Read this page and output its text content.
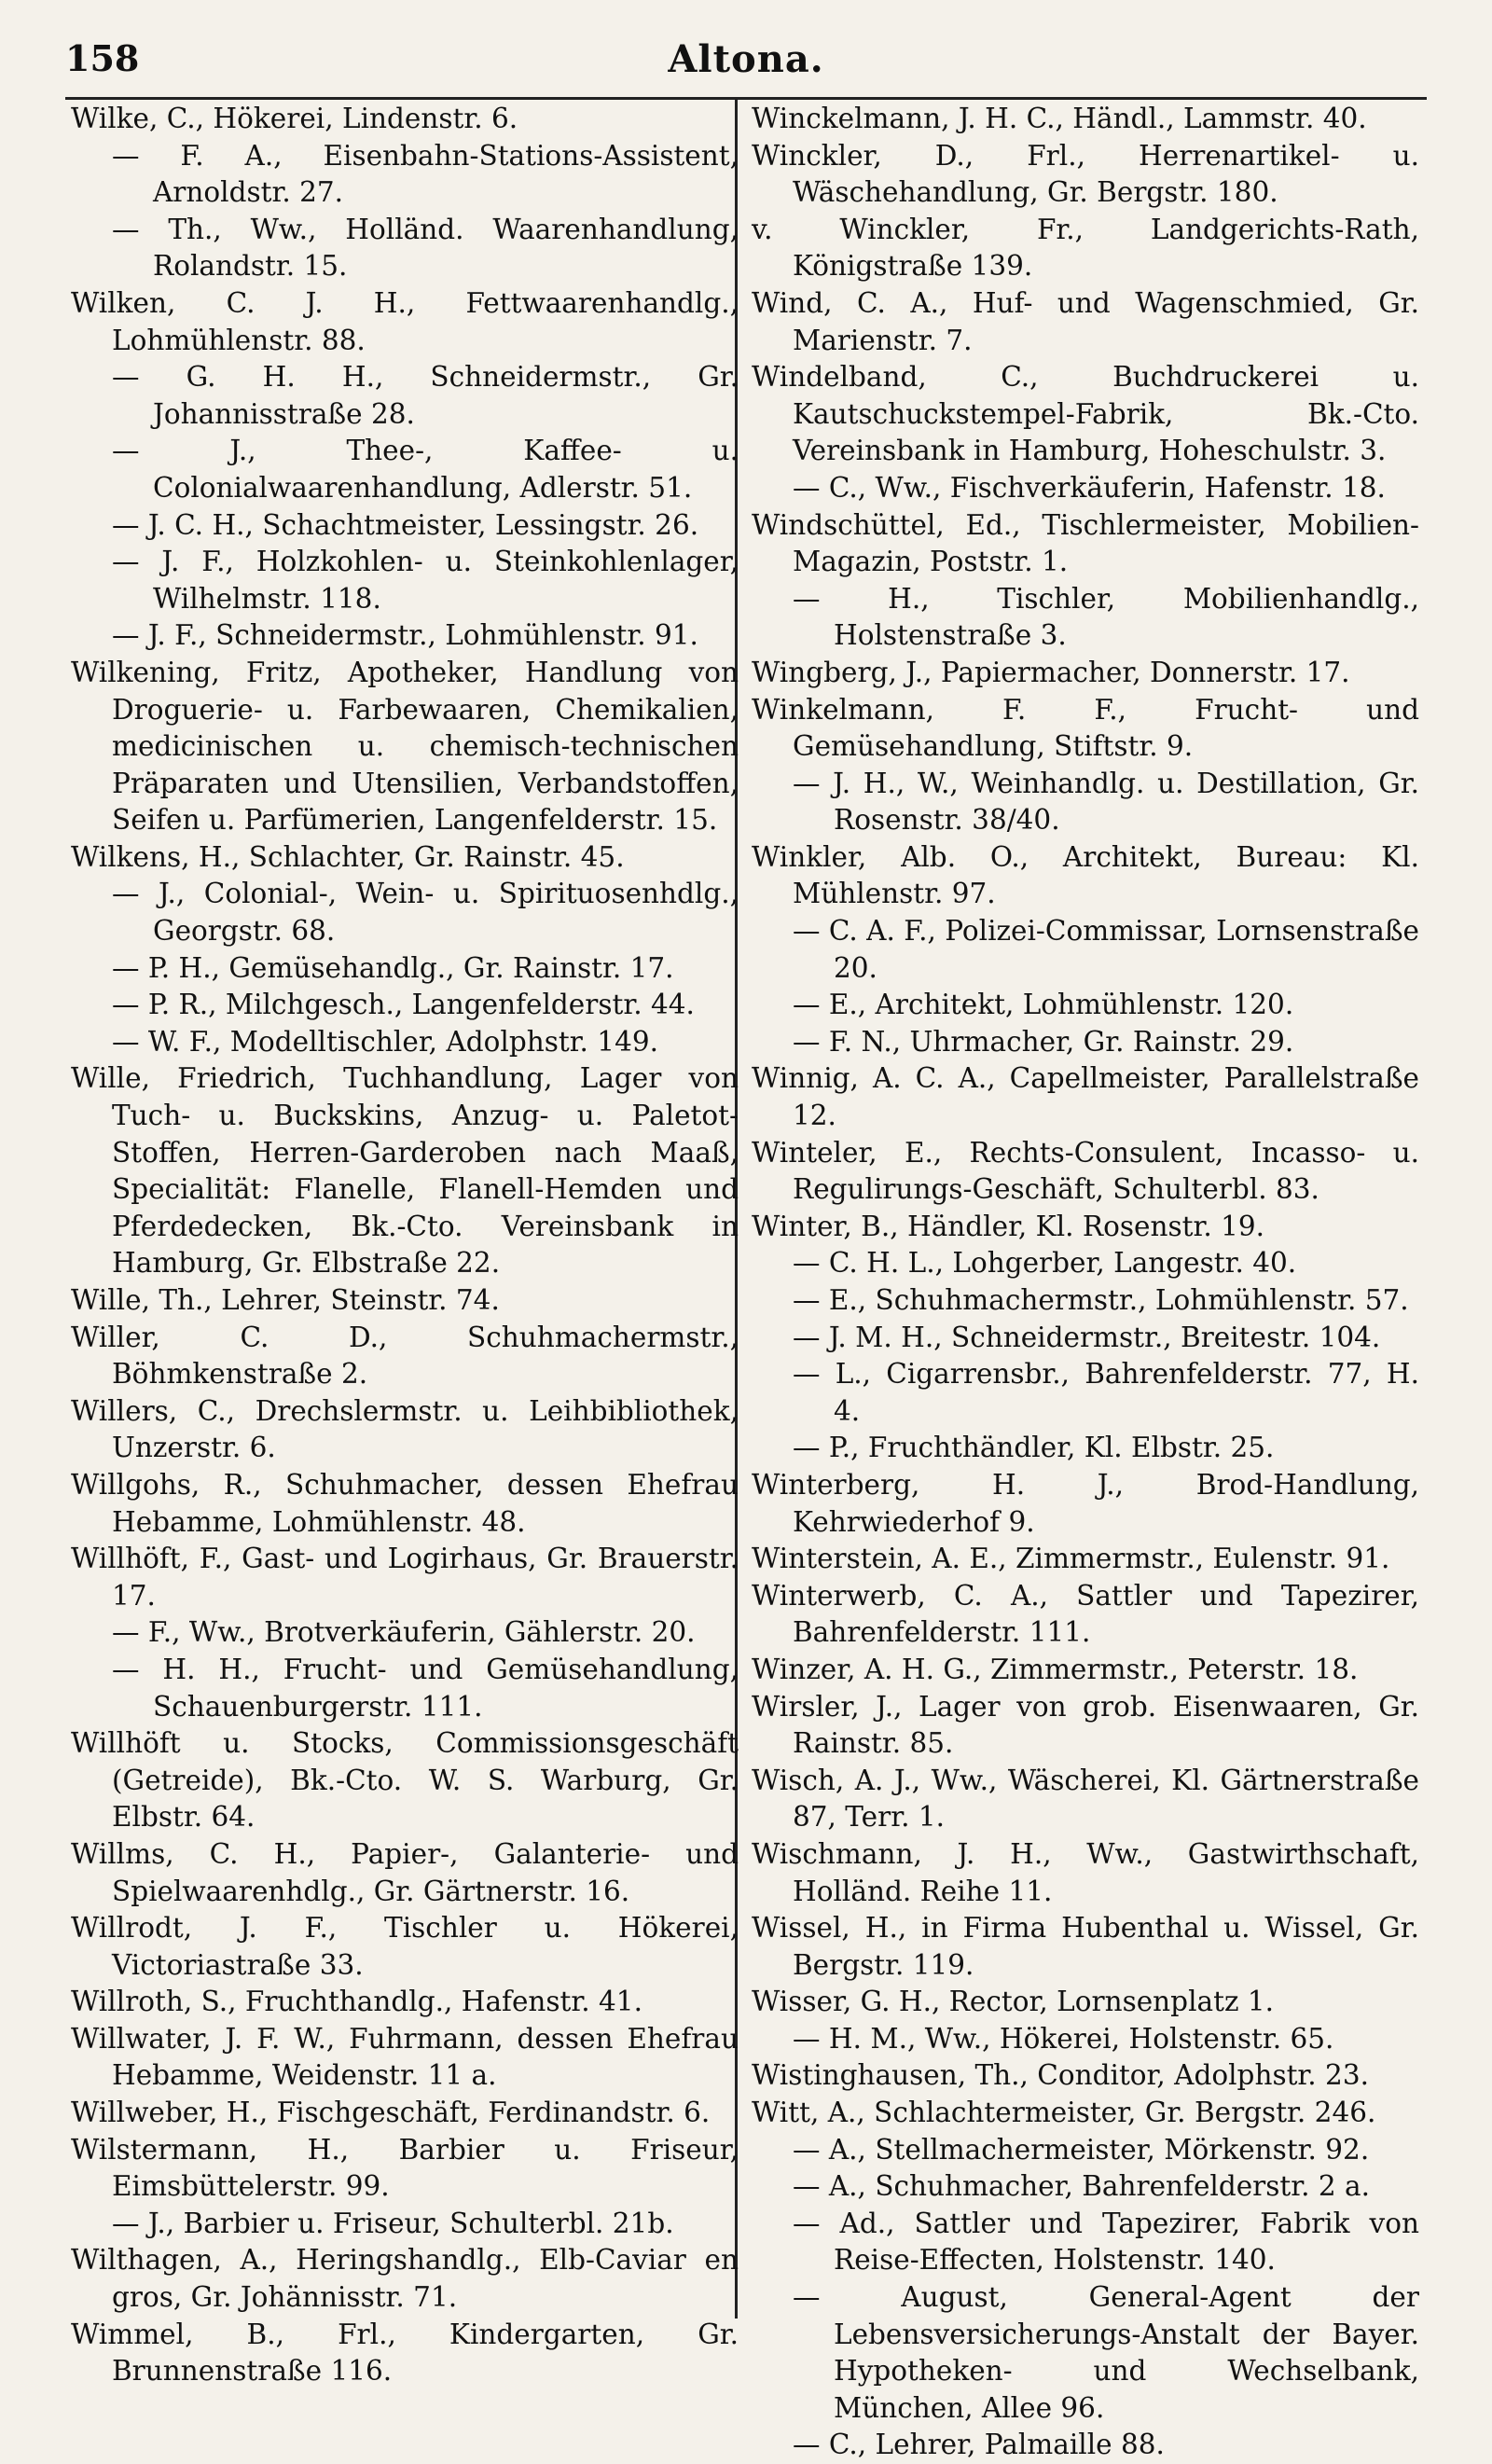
158	Altona.

Wilke, C., Hökerei, Lindenstr. 6.

— F. A., Eisenbahn-Stations-Assistent, Arnoldstr. 27.

— Th., Ww., Holländ. Waarenhandlung, Rolandstr. 15.

Wilken, C. J. H., Fettwaarenhandlg., Lohmühlenstr. 88.

— G. H. H., Schneidermstr., Gr. Johannisstraße 28.

— J., Thee-, Kaffee- u. Colonialwaarenhandlung, Adlerstr. 51.

— J. C. H., Schachtmeister, Lessingstr. 26.

— J. F., Holzkohlen- u. Steinkohlenlager, Wilhelmstr. 118.

— J. F., Schneidermstr., Lohmühlenstr. 91.

Wilkening, Fritz, Apotheker, Handlung von Droguerie- u. Farbewaaren, Chemikalien, medicinischen u. chemisch-technischen Präparaten und Utensilien, Verbandstoffen, Seifen u. Parfümerien, Langenfelderstr. 15.

Wilkens, H., Schlachter, Gr. Rainstr. 45.

— J., Colonial-, Wein- u. Spirituosenhdlg., Georgstr. 68.

— P. H., Gemüsehandlg., Gr. Rainstr. 17.

— P. R., Milchgesch., Langenfelderstr. 44.

— W. F., Modelltischler, Adolphstr. 149.

Wille, Friedrich, Tuchhandlung, Lager von Tuch- u. Buckskins, Anzug- u. Paletot-Stoffen, Herren-Garderoben nach Maaß, Specialität: Flanelle, Flanell-Hemden und Pferdedecken, Bk.-Cto. Vereinsbank in Hamburg, Gr. Elbstraße 22.

Wille, Th., Lehrer, Steinstr. 74.

Willer, C. D., Schuhmachermstr., Böhmkenstraße 2.

Willers, C., Drechslermstr. u. Leihbibliothek, Unzerstr. 6.

Willgohs, R., Schuhmacher, dessen Ehefrau Hebamme, Lohmühlenstr. 48.

Willhöft, F., Gast- und Logirhaus, Gr. Brauerstr. 17.

— F., Ww., Brotverkäuferin, Gählerstr. 20.

— H. H., Frucht- und Gemüsehandlung, Schauenburgerstr. 111.

Willhöft u. Stocks, Commissionsgeschäft (Getreide), Bk.-Cto. W. S. Warburg, Gr. Elbstr. 64.

Willms, C. H., Papier-, Galanterie- und Spielwaarenhdlg., Gr. Gärtnerstr. 16.

Willrodt, J. F., Tischler u. Hökerei, Victoriastraße 33.

Willroth, S., Fruchthandlg., Hafenstr. 41.

Willwater, J. F. W., Fuhrmann, dessen Ehefrau Hebamme, Weidenstr. 11 a.

Willweber, H., Fischgeschäft, Ferdinandstr. 6.

Wilstermann, H., Barbier u. Friseur, Eimsbüttelerstr. 99.

— J., Barbier u. Friseur, Schulterbl. 21b.

Wilthagen, A., Heringshandlg., Elb-Caviar en gros, Gr. Johännisstr. 71.

Wimmel, B., Frl., Kindergarten, Gr. Brunnenstraße 116.

Winckelmann, J. H. C., Händl., Lammstr. 40.

Winckler, D., Frl., Herrenartikel- u. Wäschehandlung, Gr. Bergstr. 180.

v. Winckler, Fr., Landgerichts-Rath, Königstraße 139.

Wind, C. A., Huf- und Wagenschmied, Gr. Marienstr. 7.

Windelband, C., Buchdruckerei u. Kautschuckstempel-Fabrik, Bk.-Cto. Vereinsbank in Hamburg, Hoheschulstr. 3.

— C., Ww., Fischverkäuferin, Hafenstr. 18.

Windschüttel, Ed., Tischlermeister, Mobilien-Magazin, Poststr. 1.

— H., Tischler, Mobilienhandlg., Holstenstraße 3.

Wingberg, J., Papiermacher, Donnerstr. 17.

Winkelmann, F. F., Frucht- und Gemüsehandlung, Stiftstr. 9.

— J. H., W., Weinhandlg. u. Destillation, Gr. Rosenstr. 38/40.

Winkler, Alb. O., Architekt, Bureau: Kl. Mühlenstr. 97.

— C. A. F., Polizei-Commissar, Lornsenstraße 20.

— E., Architekt, Lohmühlenstr. 120.

— F. N., Uhrmacher, Gr. Rainstr. 29.

Winnig, A. C. A., Capellmeister, Parallelstraße 12.

Winteler, E., Rechts-Consulent, Incasso- u. Regulirungs-Geschäft, Schulterbl. 83.

Winter, B., Händler, Kl. Rosenstr. 19.

— C. H. L., Lohgerber, Langestr. 40.

— E., Schuhmachermstr., Lohmühlenstr. 57.

— J. M. H., Schneidermstr., Breitestr. 104.

— L., Cigarrensbr., Bahrenfelderstr. 77, H. 4.

— P., Fruchthändler, Kl. Elbstr. 25.

Winterberg, H. J., Brod-Handlung, Kehrwiederhof 9.

Winterstein, A. E., Zimmermstr., Eulenstr. 91.

Winterwerb, C. A., Sattler und Tapezirer, Bahrenfelderstr. 111.

Winzer, A. H. G., Zimmermstr., Peterstr. 18.

Wirsler, J., Lager von grob. Eisenwaaren, Gr. Rainstr. 85.

Wisch, A. J., Ww., Wäscherei, Kl. Gärtnerstraße 87, Terr. 1.

Wischmann, J. H., Ww., Gastwirthschaft, Holländ. Reihe 11.

Wissel, H., in Firma Hubenthal u. Wissel, Gr. Bergstr. 119.

Wisser, G. H., Rector, Lornsenplatz 1.

— H. M., Ww., Hökerei, Holstenstr. 65.

Wistinghausen, Th., Conditor, Adolphstr. 23.

Witt, A., Schlachtermeister, Gr. Bergstr. 246.

— A., Stellmachermeister, Mörkenstr. 92.

— A., Schuhmacher, Bahrenfelderstr. 2 a.

— Ad., Sattler und Tapezirer, Fabrik von Reise-Effecten, Holstenstr. 140.

— August, General-Agent der Lebensversicherungs-Anstalt der Bayer. Hypotheken- und Wechselbank, München, Allee 96.

— C., Lehrer, Palmaille 88.
